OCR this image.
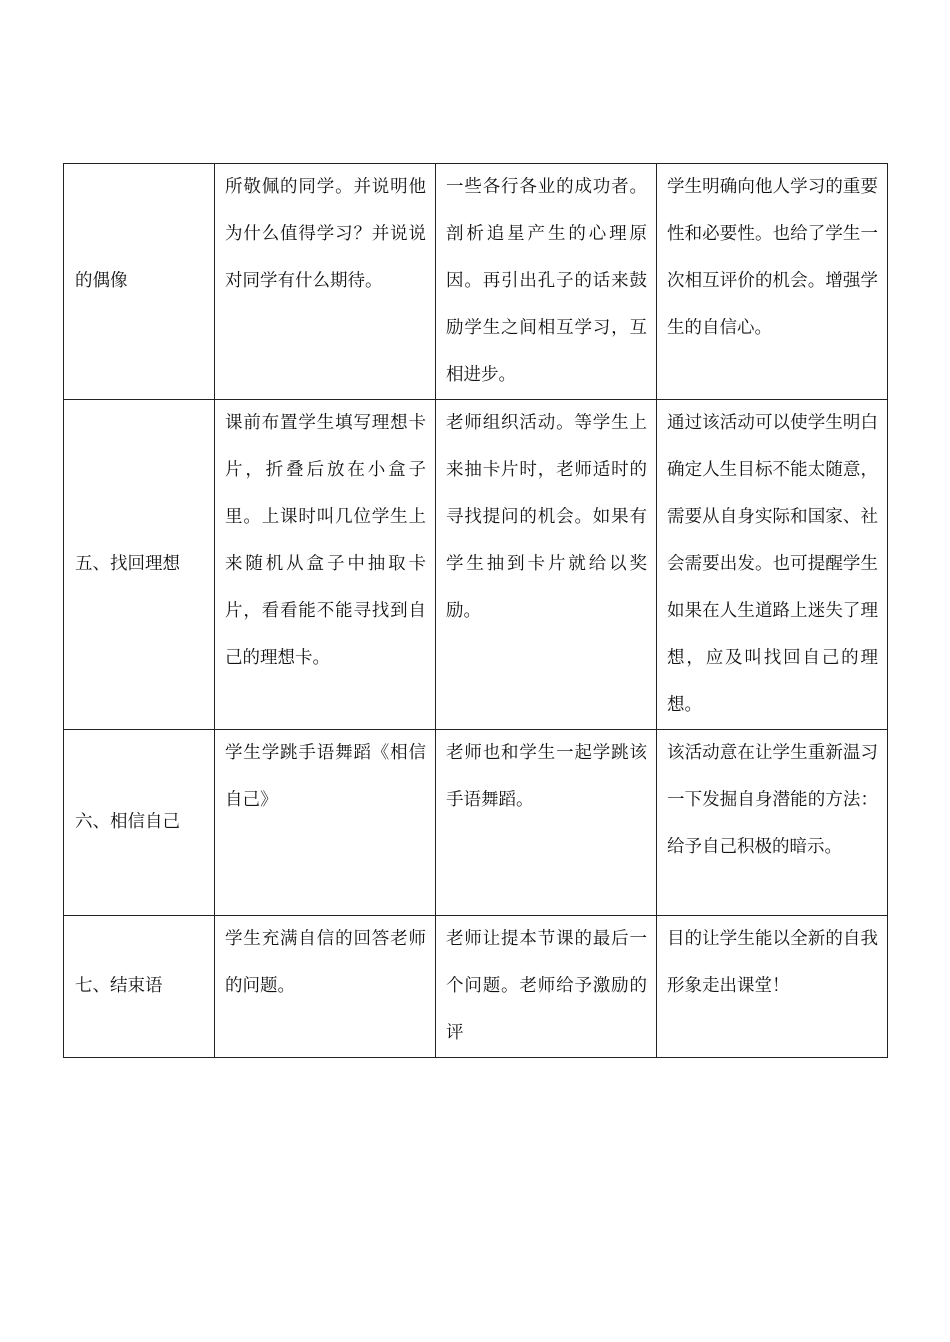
的偶像	所敬佩的同学。并说明他为什么值得学习？并说说对同学有什么期待。	一些各行各业的成功者。剖析追星产生的心理原因。再引出孔子的话来鼓励学生之间相互学习，互相进步。	学生明确向他人学习的重要性和必要性。也给了学生一次相互评价的机会。增强学生的自信心。
五、找回理想	课前布置学生填写理想卡片，折叠后放在小盒子里。上课时叫几位学生上来随机从盒子中抽取卡片，看看能不能寻找到自己的理想卡。	老师组织活动。等学生上来抽卡片时，老师适时的寻找提问的机会。如果有学生抽到卡片就给以奖励。	通过该活动可以使学生明白确定人生目标不能太随意，需要从自身实际和国家、社会需要出发。也可提醒学生如果在人生道路上迷失了理想，应及叫找回自己的理想。
六、相信自己	学生学跳手语舞蹈《相信自己》	老师也和学生一起学跳该手语舞蹈。	该活动意在让学生重新温习一下发掘自身潜能的方法：给予自己积极的暗示。
七、结束语	学生充满自信的回答老师的问题。	老师让提本节课的最后一个问题。老师给予激励的评	目的让学生能以全新的自我形象走出课堂！
